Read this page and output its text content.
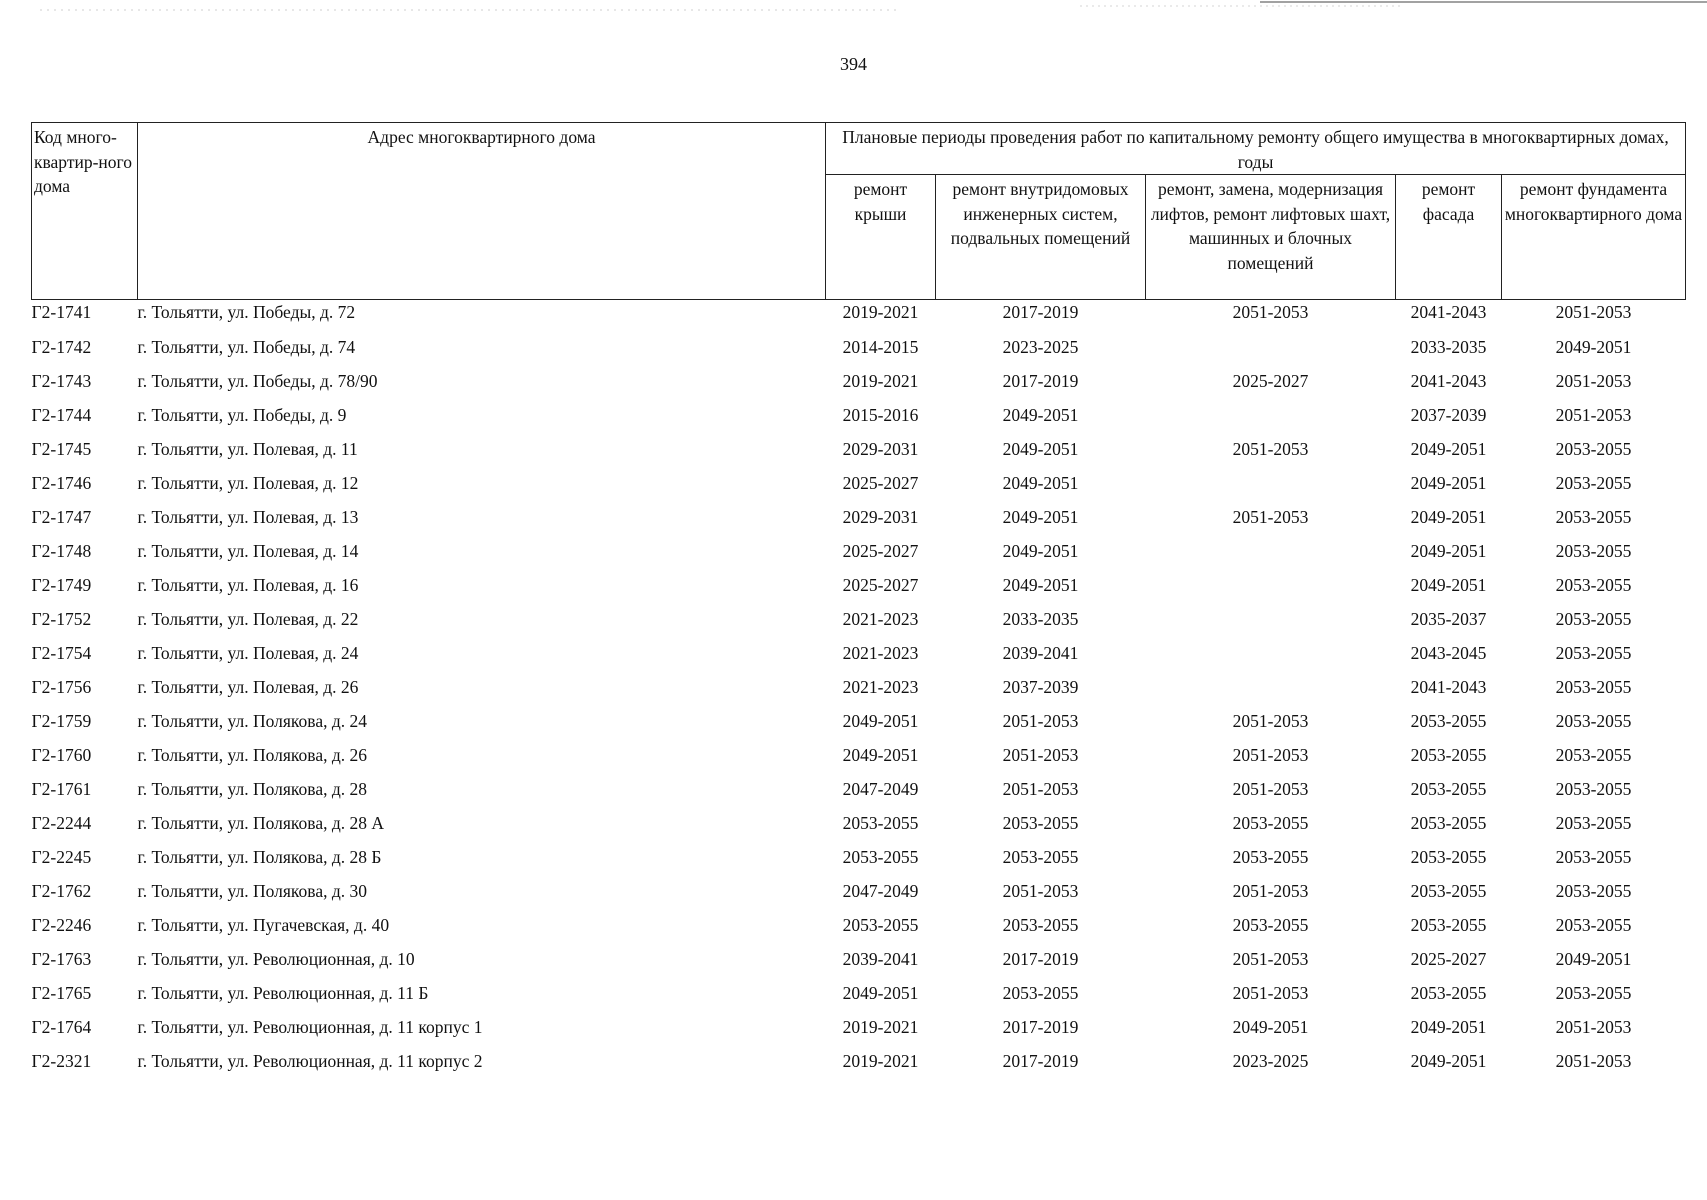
394
Код много-квартир-ного дома	Адрес многоквартирного дома	Плановые периоды проведения работ по капитальному ремонту общего имущества в многоквартирных домах, годы				
		ремонт крыши	ремонт внутридомовых инженерных систем, подвальных помещений	ремонт, замена, модернизация лифтов, ремонт лифтовых шахт, машинных и блочных помещений	ремонт фасада	ремонт фундамента многоквартирного дома
Г2-1741	г. Тольятти, ул. Победы, д. 72	2019-2021	2017-2019	2051-2053	2041-2043	2051-2053
Г2-1742	г. Тольятти, ул. Победы, д. 74	2014-2015	2023-2025		2033-2035	2049-2051
Г2-1743	г. Тольятти, ул. Победы, д. 78/90	2019-2021	2017-2019	2025-2027	2041-2043	2051-2053
Г2-1744	г. Тольятти, ул. Победы, д. 9	2015-2016	2049-2051		2037-2039	2051-2053
Г2-1745	г. Тольятти, ул. Полевая, д. 11	2029-2031	2049-2051	2051-2053	2049-2051	2053-2055
Г2-1746	г. Тольятти, ул. Полевая, д. 12	2025-2027	2049-2051		2049-2051	2053-2055
Г2-1747	г. Тольятти, ул. Полевая, д. 13	2029-2031	2049-2051	2051-2053	2049-2051	2053-2055
Г2-1748	г. Тольятти, ул. Полевая, д. 14	2025-2027	2049-2051		2049-2051	2053-2055
Г2-1749	г. Тольятти, ул. Полевая, д. 16	2025-2027	2049-2051		2049-2051	2053-2055
Г2-1752	г. Тольятти, ул. Полевая, д. 22	2021-2023	2033-2035		2035-2037	2053-2055
Г2-1754	г. Тольятти, ул. Полевая, д. 24	2021-2023	2039-2041		2043-2045	2053-2055
Г2-1756	г. Тольятти, ул. Полевая, д. 26	2021-2023	2037-2039		2041-2043	2053-2055
Г2-1759	г. Тольятти, ул. Полякова, д. 24	2049-2051	2051-2053	2051-2053	2053-2055	2053-2055
Г2-1760	г. Тольятти, ул. Полякова, д. 26	2049-2051	2051-2053	2051-2053	2053-2055	2053-2055
Г2-1761	г. Тольятти, ул. Полякова, д. 28	2047-2049	2051-2053	2051-2053	2053-2055	2053-2055
Г2-2244	г. Тольятти, ул. Полякова, д. 28 А	2053-2055	2053-2055	2053-2055	2053-2055	2053-2055
Г2-2245	г. Тольятти, ул. Полякова, д. 28 Б	2053-2055	2053-2055	2053-2055	2053-2055	2053-2055
Г2-1762	г. Тольятти, ул. Полякова, д. 30	2047-2049	2051-2053	2051-2053	2053-2055	2053-2055
Г2-2246	г. Тольятти, ул. Пугачевская, д. 40	2053-2055	2053-2055	2053-2055	2053-2055	2053-2055
Г2-1763	г. Тольятти, ул. Революционная, д. 10	2039-2041	2017-2019	2051-2053	2025-2027	2049-2051
Г2-1765	г. Тольятти, ул. Революционная, д. 11 Б	2049-2051	2053-2055	2051-2053	2053-2055	2053-2055
Г2-1764	г. Тольятти, ул. Революционная, д. 11 корпус 1	2019-2021	2017-2019	2049-2051	2049-2051	2051-2053
Г2-2321	г. Тольятти, ул. Революционная, д. 11 корпус 2	2019-2021	2017-2019	2023-2025	2049-2051	2051-2053
